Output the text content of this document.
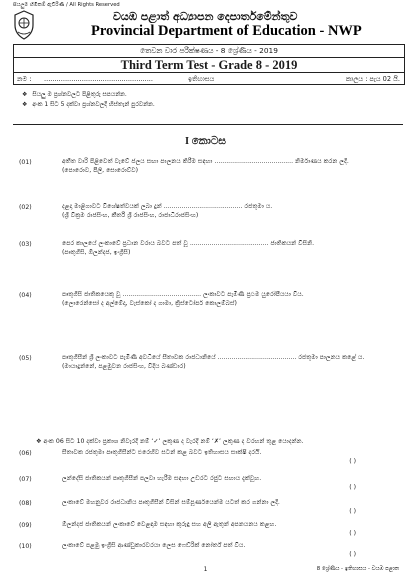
සියලුම හිමිකම් ඇවිරිණි / All Rights Reserved
වයඹ පළාත් අධ්‍යාපන දෙපාර්තමේන්තුව
Provincial Department of Education - NWP
තෙවන වාර පරීක්ෂණය - 8 ශ්‍රේණිය - 2019
Third Term Test - Grade 8 - 2019
නම : ....................................................	ඉතිහාසය	කාලය : පැය 02 යි.
❖ සියලු ම ප්‍රශ්නවලට පිළිතුරු සපයන්න.
❖ අංක 1 සිට 5 දක්වා ප්‍රශ්නවලදී හිස්තැන් පුරවන්න.
I කොටස
(01)	අතීත වාරි පිළිවෙත් වැවේ ජලය සඟා පාලනය කිරීම සඳහා ........................................ නිර්මාණය කරන ලදී.
(පොරොව, පීලි, සොරොව්ව)
(02)	දළදා මාළිගාවට විශේෂත්වයක් ලබා දුන් ........................................ රජතුමා ය.
(ශ්‍රී වික්‍රම රාජසිංහ, කීර්ති ශ්‍රී රාජසිංහ, රාජාධිරාජසිංහ)
(03)	පෙර කාලයේ ලංකාවේ ප්‍රධාන වරාය බවට පත් වූ ........................................ ජාතිකයන් විසිනි.
(පෘතුගීසි, ඕලන්දජ, ඉංග්‍රීසි)
(04)	පෘතුගීසි ජාතිකයෙකු වූ ........................................ ලංකාවට පැමිණි ප්‍රථම යුරෝපීයයා විය.
(ලොරෙන්සෝ ද අල්මේදා, වැස්කෝ ද ගාමා, ක්‍රිස්ටෝපර් කොලම්බස්)
(05)	පෘතුගීසීන් ශ්‍රී ලංකාවට පැමිණි අවධියේ සීතාවක රාජධානියේ ........................................ රජතුමා පාලනය කළේ ය.
(මායාදුන්නේ, පළමුවන රාජසිංහ, වීදිය බණ්ඩාර)
❖ අංක 06 සිට 10 දක්වා ප්‍රකාශ නිවැරදි නම් ‘✓’ ලකුණ ද වැරදි නම් ‘✗’ ලකුණ ද වරහන් තුළ යොදන්න.
(06)	සීතාවක රජතුමා පෘතුගීසීන්ට එරෙහිව සටන් කළ බවට ඉතිහාසය සාක්ෂි දරයි.
( )
(07)	ලන්දේසි ජාතිකයන් පෘතුගීසීන් පලවා හැරීම සඳහා උඩරට රජුට සහාය දැක්වූහ.
( )
(08)	ලංකාවේ මහනුවර රාජධානිය පෘතුගීසීන් විසින් සම්පූර්ණයෙන්ම යටත් කර ගන්නා ලදී.
( )
(09)	ඕලන්දජ ජාතිකයන් ලංකාවේ වෙළඳාම සඳහා කුරුඳු සහ අලි ඇතුන් අපනයනය කළහ.
( )
(10)	ලංකාවේ පළමු ඉංග්‍රීසි ආණ්ඩුකාරවරයා ලෙස ෆෙඩ්රික් නෝර්ත් පත් විය.
( )
1	8 ශ්‍රේණිය - ඉතිහාසය - වයඹ පළාත
